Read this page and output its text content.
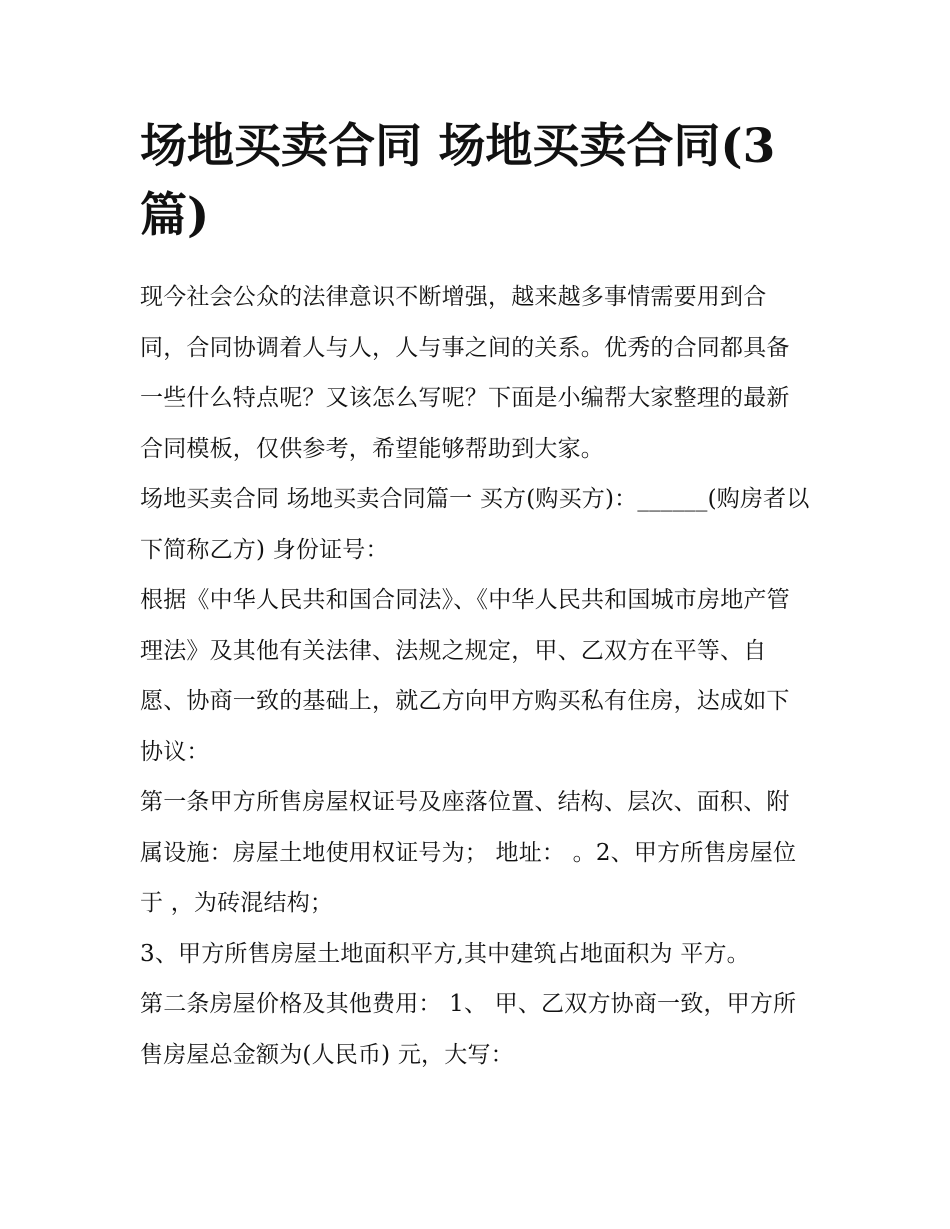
场地买卖合同 场地买卖合同(3篇)

现今社会公众的法律意识不断增强，越来越多事情需要用到合同，合同协调着人与人，人与事之间的关系。优秀的合同都具备一些什么特点呢？又该怎么写呢？下面是小编帮大家整理的最新合同模板，仅供参考，希望能够帮助到大家。

场地买卖合同 场地买卖合同篇一 买方(购买方)：______(购房者以下简称乙方) 身份证号：

根据《中华人民共和国合同法》、《中华人民共和国城市房地产管理法》及其他有关法律、法规之规定，甲、乙双方在平等、自愿、协商一致的基础上，就乙方向甲方购买私有住房，达成如下协议：

第一条甲方所售房屋权证号及座落位置、结构、层次、面积、附属设施：房屋土地使用权证号为； 地址： 。2、甲方所售房屋位于 ，为砖混结构；

3、甲方所售房屋土地面积平方,其中建筑占地面积为 平方。

第二条房屋价格及其他费用： 1、 甲、乙双方协商一致，甲方所售房屋总金额为(人民币) 元，大写：
